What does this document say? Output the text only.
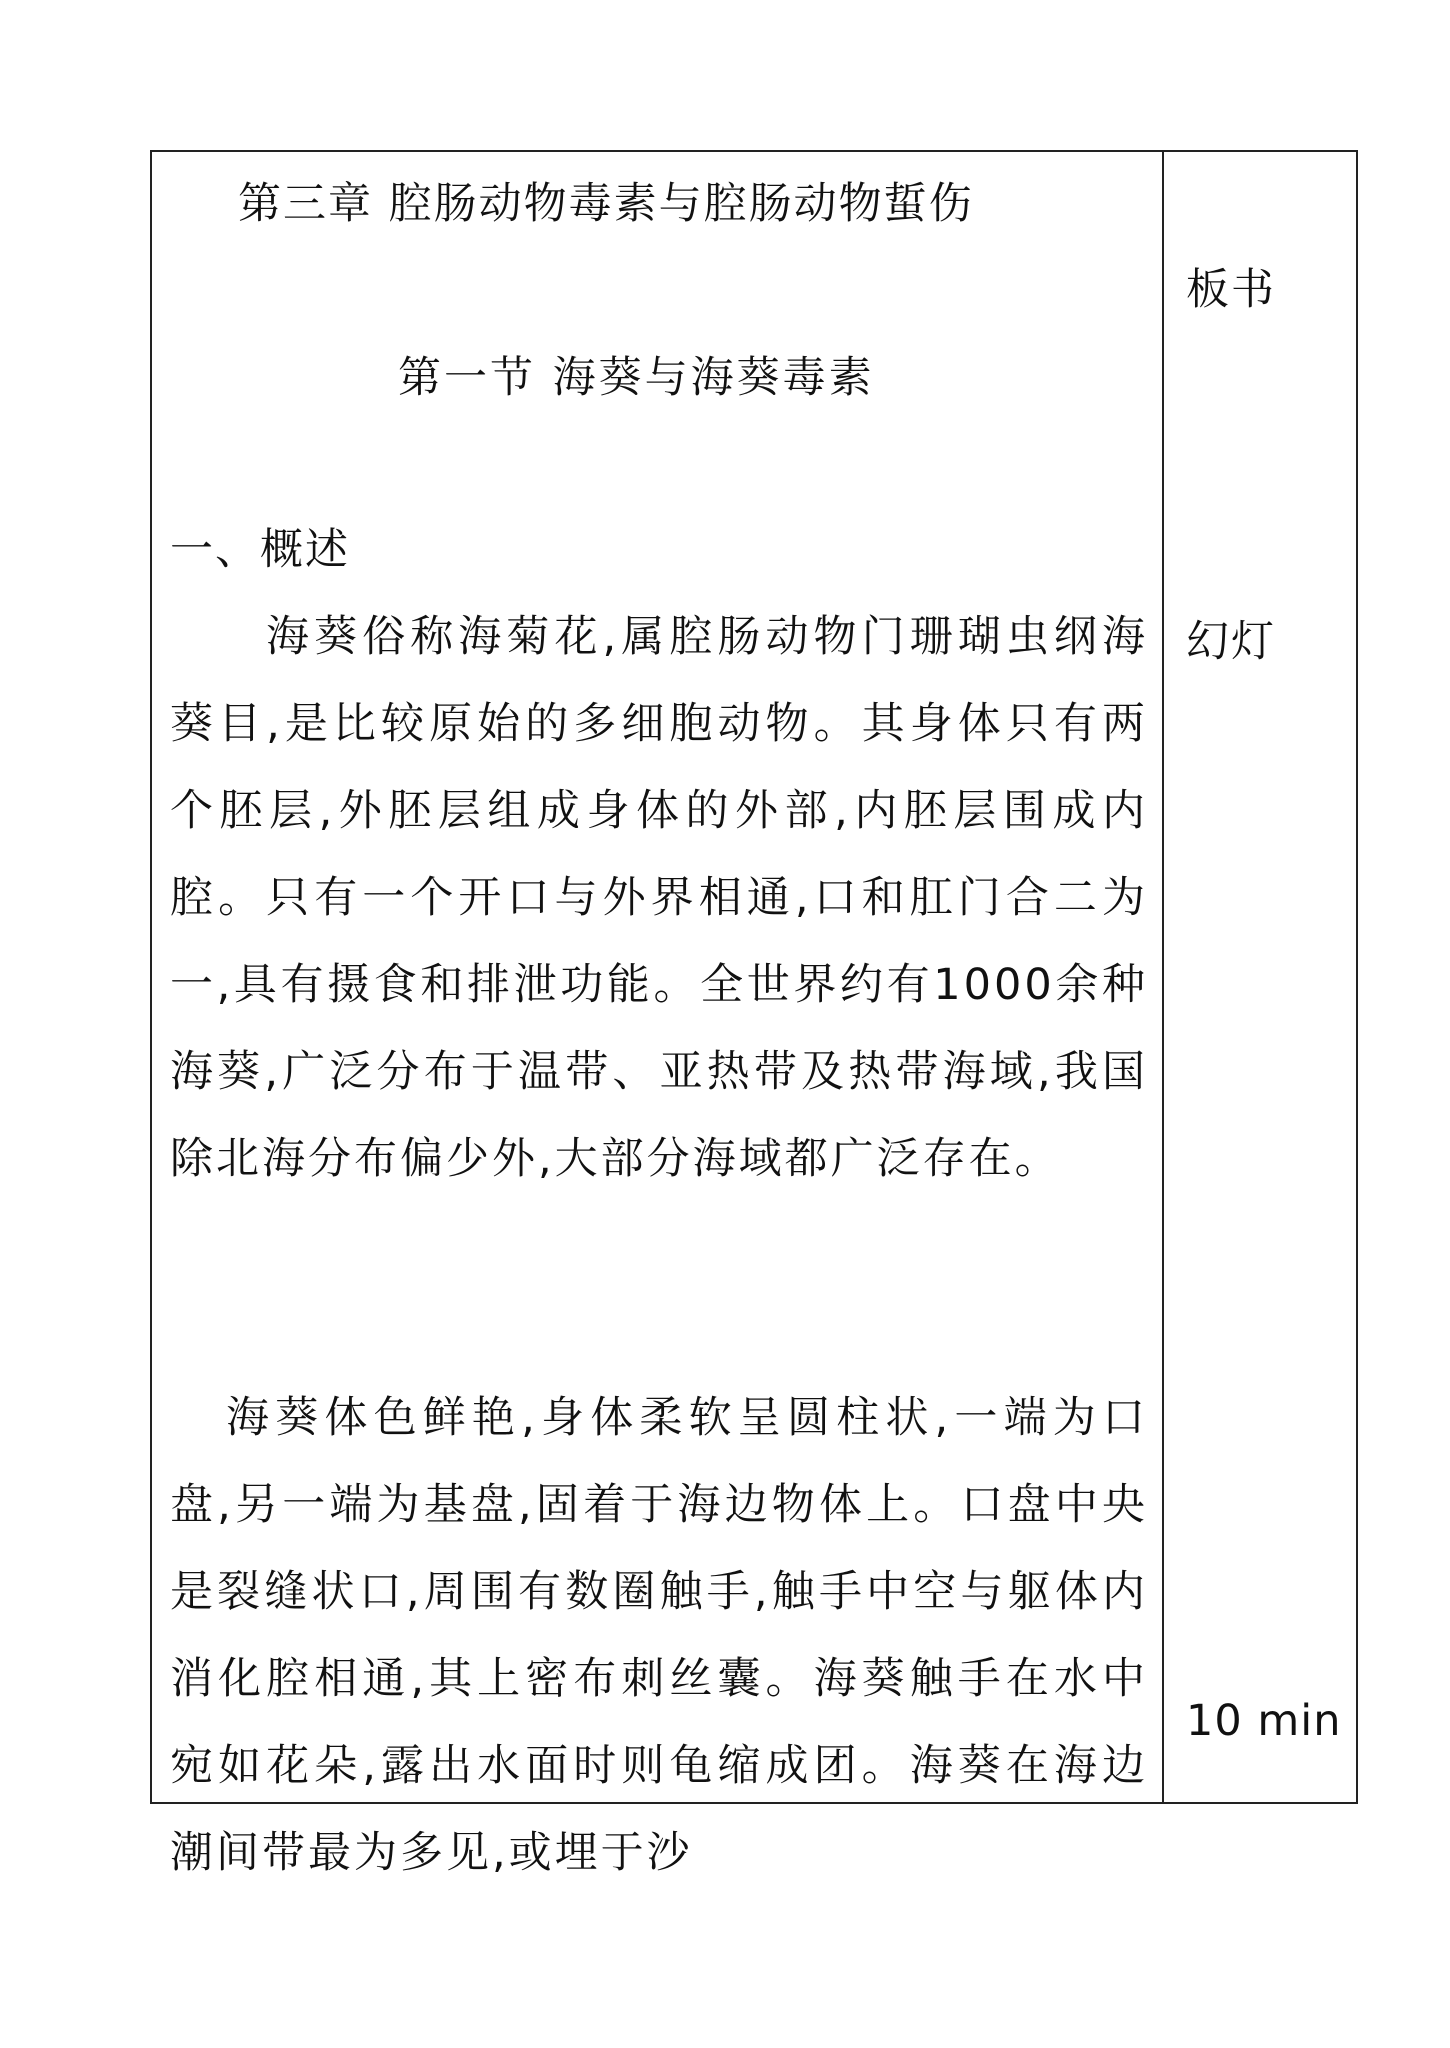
第三章 腔肠动物毒素与腔肠动物蜇伤
第一节 海葵与海葵毒素
一、概述
海葵俗称海菊花,属腔肠动物门珊瑚虫纲海葵目,是比较原始的多细胞动物。其身体只有两个胚层,外胚层组成身体的外部,内胚层围成内腔。只有一个开口与外界相通,口和肛门合二为一,具有摄食和排泄功能。全世界约有1000余种海葵,广泛分布于温带、亚热带及热带海域,我国除北海分布偏少外,大部分海域都广泛存在。
海葵体色鲜艳,身体柔软呈圆柱状,一端为口盘,另一端为基盘,固着于海边物体上。口盘中央是裂缝状口,周围有数圈触手,触手中空与躯体内消化腔相通,其上密布刺丝囊。海葵触手在水中宛如花朵,露出水面时则龟缩成团。海葵在海边潮间带最为多见,或埋于沙
板书
幻灯
10 min
